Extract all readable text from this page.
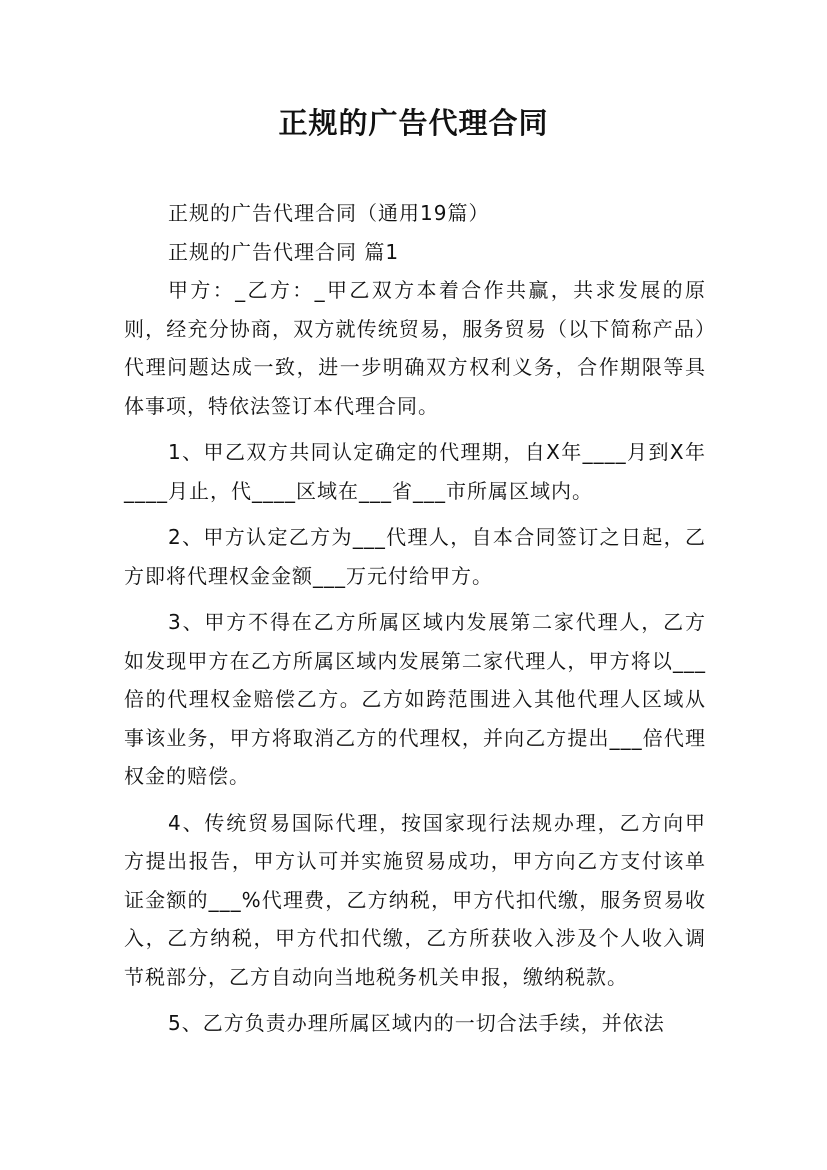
正规的广告代理合同

正规的广告代理合同（通用19篇）

正规的广告代理合同 篇1

甲方：_乙方：_甲乙双方本着合作共赢，共求发展的原则，经充分协商，双方就传统贸易，服务贸易（以下简称产品）代理问题达成一致，进一步明确双方权利义务，合作期限等具体事项，特依法签订本代理合同。

1、甲乙双方共同认定确定的代理期，自X年____月到X年____月止，代____区域在___省___市所属区域内。

2、甲方认定乙方为___代理人，自本合同签订之日起，乙方即将代理权金金额___万元付给甲方。

3、甲方不得在乙方所属区域内发展第二家代理人，乙方如发现甲方在乙方所属区域内发展第二家代理人，甲方将以___倍的代理权金赔偿乙方。乙方如跨范围进入其他代理人区域从事该业务，甲方将取消乙方的代理权，并向乙方提出___倍代理权金的赔偿。

4、传统贸易国际代理，按国家现行法规办理，乙方向甲方提出报告，甲方认可并实施贸易成功，甲方向乙方支付该单证金额的___%代理费，乙方纳税，甲方代扣代缴，服务贸易收入，乙方纳税，甲方代扣代缴，乙方所获收入涉及个人收入调节税部分，乙方自动向当地税务机关申报，缴纳税款。

5、乙方负责办理所属区域内的一切合法手续，并依法
